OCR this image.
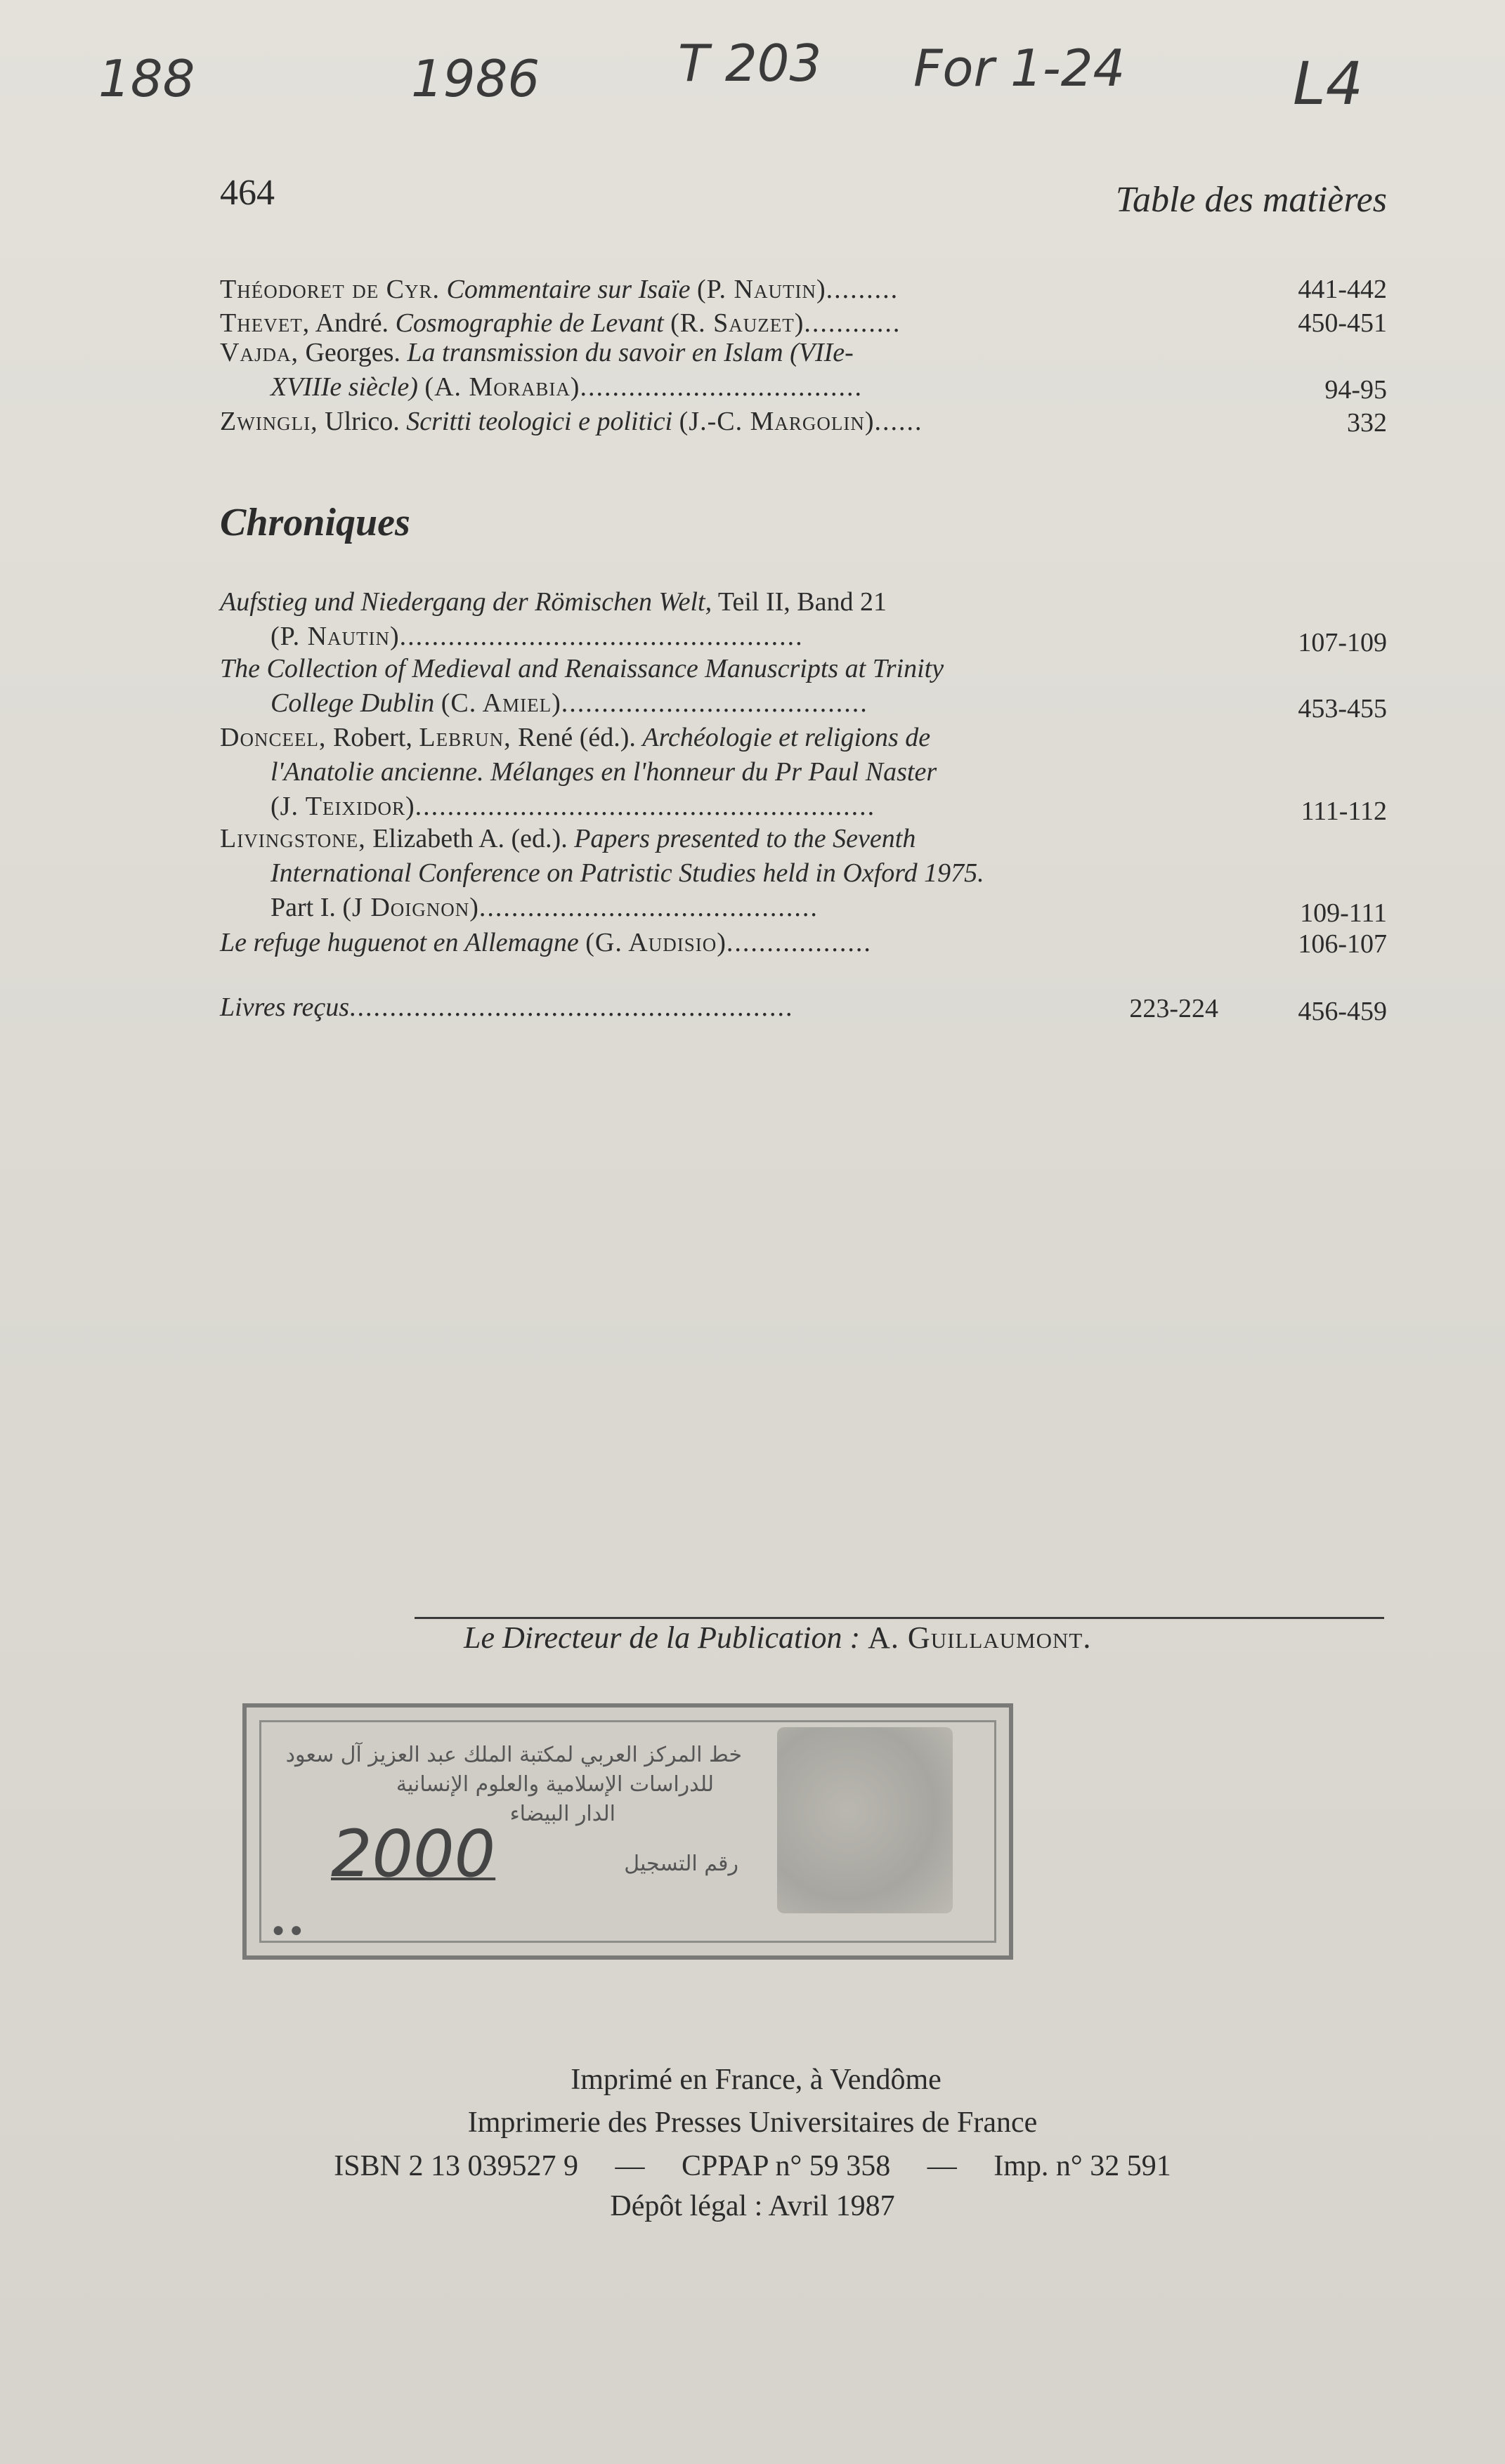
188	1986	T 203 For 1-24	L4
464	Table des matières
Théodoret de Cyr. Commentaire sur Isaïe (P. Nautin).........	441-442
Thevet, André. Cosmographie de Levant (R. Sauzet)............	450-451
Vajda, Georges. La transmission du savoir en Islam (VIIe-
XVIIIe siècle) (A. Morabia)...................................	94-95
Zwingli, Ulrico. Scritti teologici e politici (J.-C. Margolin)......	332
Chroniques
Aufstieg und Niedergang der Römischen Welt, Teil II, Band 21
(P. Nautin)..................................................	107-109
The Collection of Medieval and Renaissance Manuscripts at Trinity
College Dublin (C. Amiel)......................................	453-455
Donceel, Robert, Lebrun, René (éd.). Archéologie et religions de
l'Anatolie ancienne. Mélanges en l'honneur du Pr Paul Naster
(J. Teixidor).........................................................	111-112
Livingstone, Elizabeth A. (ed.). Papers presented to the Seventh
International Conference on Patristic Studies held in Oxford 1975.
Part I. (J Doignon)..........................................	109-111
Le refuge huguenot en Allemagne (G. Audisio)..................	106-107
Livres reçus.......................................................	223-224	456-459
Le Directeur de la Publication : A. Guillaumont.
خط المركز العربي لمكتبة الملك عبد العزيز آل سعود
للدراسات الإسلامية والعلوم الإنسانية
الدار البيضاء
2000	رقم التسجيل
● ●
Imprimé en France, à Vendôme
Imprimerie des Presses Universitaires de France
ISBN 2 13 039527 9 — CPPAP n° 59 358 — Imp. n° 32 591
Dépôt légal : Avril 1987
